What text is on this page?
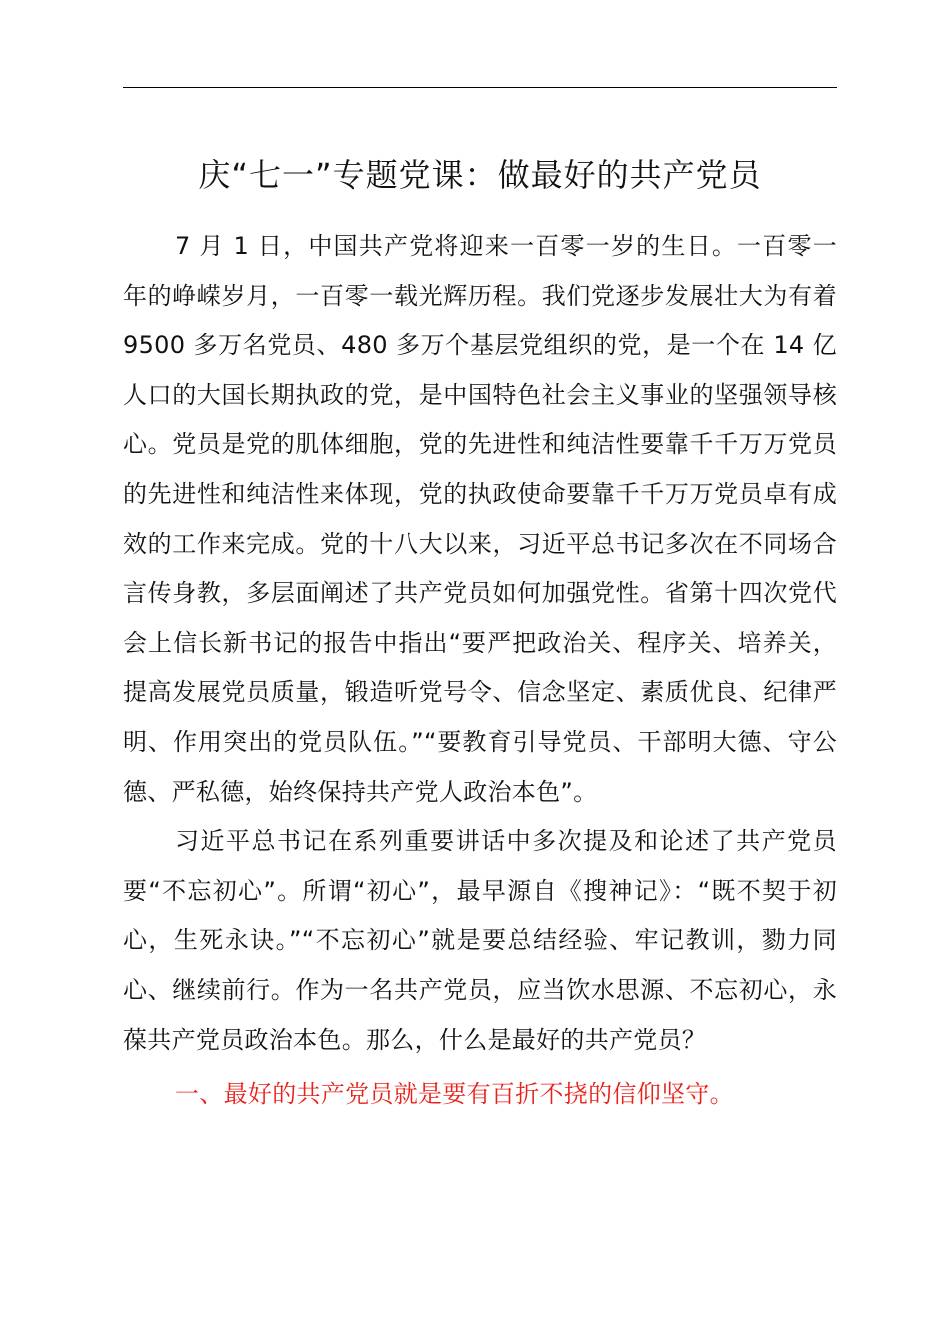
庆“七一”专题党课：做最好的共产党员

7 月 1 日，中国共产党将迎来一百零一岁的生日。一百零一年的峥嵘岁月，一百零一载光辉历程。我们党逐步发展壮大为有着 9500 多万名党员、480 多万个基层党组织的党，是一个在 14 亿人口的大国长期执政的党，是中国特色社会主义事业的坚强领导核心。党员是党的肌体细胞，党的先进性和纯洁性要靠千千万万党员的先进性和纯洁性来体现，党的执政使命要靠千千万万党员卓有成效的工作来完成。党的十八大以来，习近平总书记多次在不同场合言传身教，多层面阐述了共产党员如何加强党性。省第十四次党代会上信长新书记的报告中指出“要严把政治关、程序关、培养关，提高发展党员质量，锻造听党号令、信念坚定、素质优良、纪律严明、作用突出的党员队伍。”“要教育引导党员、干部明大德、守公德、严私德，始终保持共产党人政治本色”。

习近平总书记在系列重要讲话中多次提及和论述了共产党员要“不忘初心”。所谓“初心”，最早源自《搜神记》：“既不契于初心，生死永诀。”“不忘初心”就是要总结经验、牢记教训，勠力同心、继续前行。作为一名共产党员，应当饮水思源、不忘初心，永葆共产党员政治本色。那么，什么是最好的共产党员？

一、最好的共产党员就是要有百折不挠的信仰坚守。
